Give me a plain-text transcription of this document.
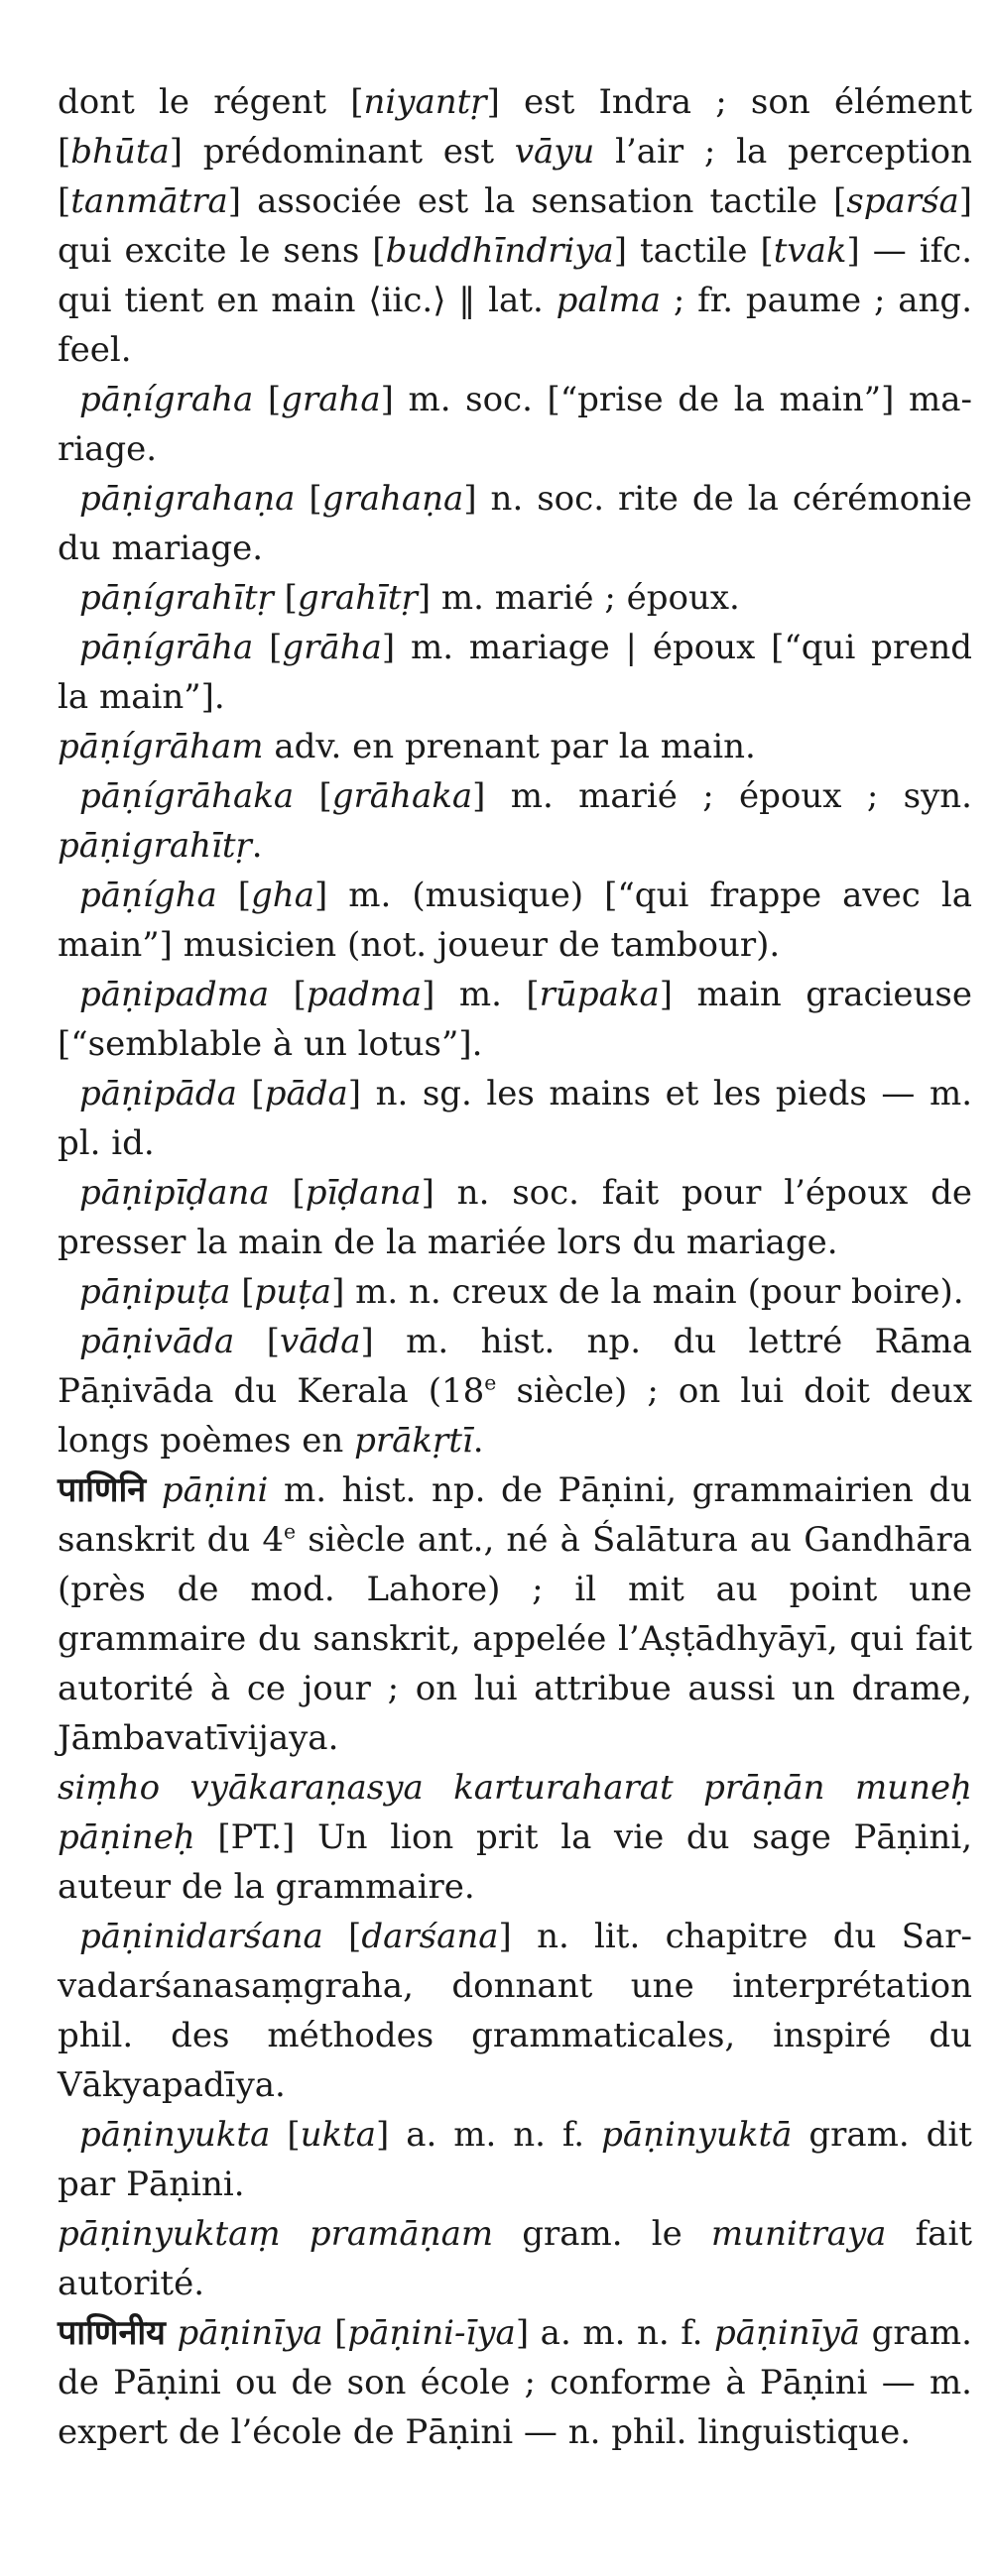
dont le régent [niyantṛ] est Indra ; son élément [bhūta] prédominant est vāyu l’air ; la perception [tanmātra] associée est la sensation tactile [sparśa] qui excite le sens [buddhīndriya] tactile [tvak] — ifc. qui tient en main ⟨iic.⟩ ‖ lat. palma ; fr. paume ; ang. feel.

pāṇígraha [graha] m. soc. [“prise de la main”] mariage.

pāṇigrahaṇa [grahaṇa] n. soc. rite de la cérémonie du mariage.

pāṇígrahītṛ [grahītṛ] m. marié ; époux.

pāṇígrāha [grāha] m. mariage | époux [“qui prend la main”].

pāṇígrāham adv. en prenant par la main.

pāṇígrāhaka [grāhaka] m. marié ; époux ; syn. pāṇigrahītṛ.

pāṇígha [gha] m. (musique) [“qui frappe avec la main”] musicien (not. joueur de tambour).

pāṇipadma [padma] m. [rūpaka] main gracieuse [“semblable à un lotus”].

pāṇipāda [pāda] n. sg. les mains et les pieds — m. pl. id.

pāṇipīḍana [pīḍana] n. soc. fait pour l’époux de presser la main de la mariée lors du mariage.

pāṇipuṭa [puṭa] m. n. creux de la main (pour boire).

pāṇivāda [vāda] m. hist. np. du lettré Rāma Pāṇivāda du Kerala (18e siècle) ; on lui doit deux longs poèmes en prākṛtī.

पाणिनि pāṇini m. hist. np. de Pāṇini, grammairien du sanskrit du 4e siècle ant., né à Śalātura au Gandhāra (près de mod. Lahore) ; il mit au point une grammaire du sanskrit, appelée l’Aṣṭādhyāyī, qui fait autorité à ce jour ; on lui attribue aussi un drame, Jāmbavatīvijaya.

siṃho vyākaraṇasya karturaharat prāṇān muneḥ pāṇineḥ [PT.] Un lion prit la vie du sage Pāṇini, auteur de la grammaire.

pāṇinidarśana [darśana] n. lit. chapitre du Sarvadarśanasaṃgraha, donnant une interprétation phil. des méthodes grammaticales, inspiré du Vākyapadīya.

pāṇinyukta [ukta] a. m. n. f. pāṇinyuktā gram. dit par Pāṇini.

pāṇinyuktaṃ pramāṇam gram. le munitraya fait autorité.

पाणिनीय pāṇinīya [pāṇini-īya] a. m. n. f. pāṇinīyā gram. de Pāṇini ou de son école ; conforme à Pāṇini — m. expert de l’école de Pāṇini — n. phil. linguistique.
